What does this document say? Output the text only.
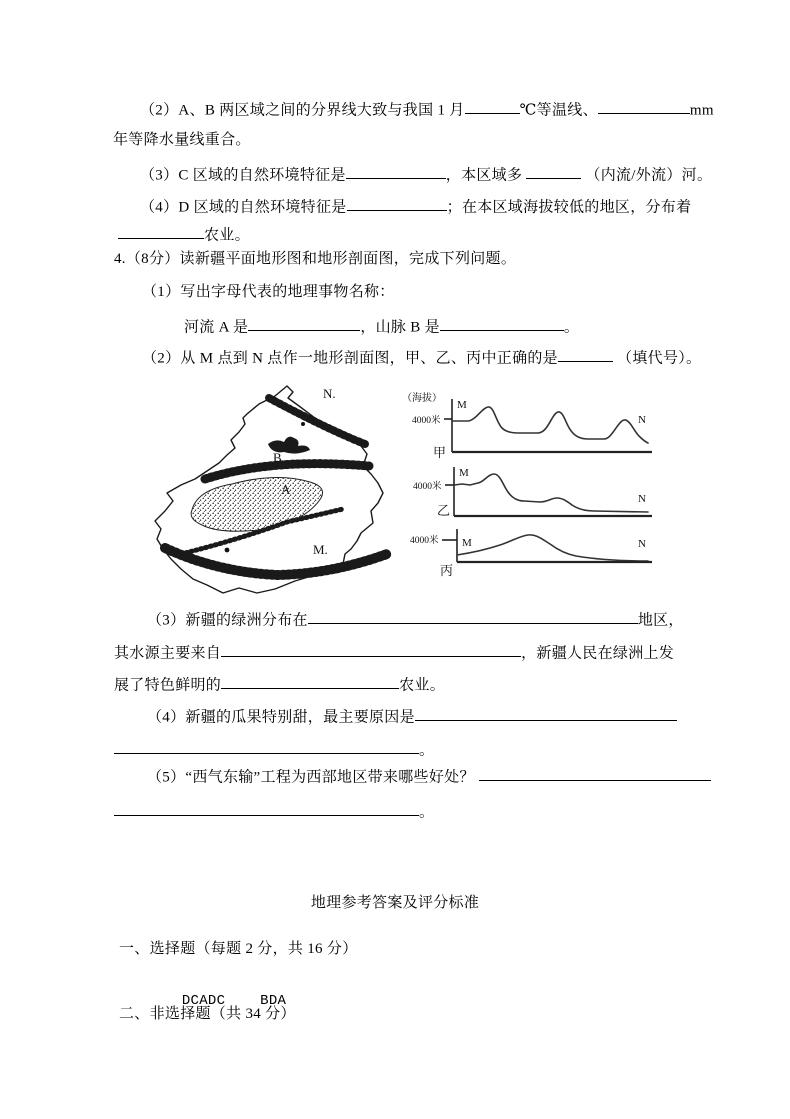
（2）A、B 两区域之间的分界线大致与我国 1 月	℃等温线、	mm
年等降水量线重合。
（3）C 区域的自然环境特征是	，本区域多	（内流/外流）河。
（4）D 区域的自然环境特征是	；在本区域海拔较低的地区，分布着
农业。
4.（8分）读新疆平面地形图和地形剖面图，完成下列问题。
（1）写出字母代表的地理事物名称：
河流 A 是	，山脉 B 是	。
（2）从 M 点到 N 点作一地形剖面图，甲、乙、丙中正确的是	（填代号）。
N.
B
A
M.
（海拔）
4000米
M
N
甲
4000米
M
N
乙
4000米 M	N
丙
（3）新疆的绿洲分布在	地区，
其水源主要来自	，新疆人民在绿洲上发
展了特色鲜明的	农业。
（4）新疆的瓜果特别甜，最主要原因是
。
（5）“西气东输”工程为西部地区带来哪些好处？
。
地理参考答案及评分标准
一、选择题（每题 2 分，共 16 分）

DCADC    BDA

二、非选择题（共 34 分）
